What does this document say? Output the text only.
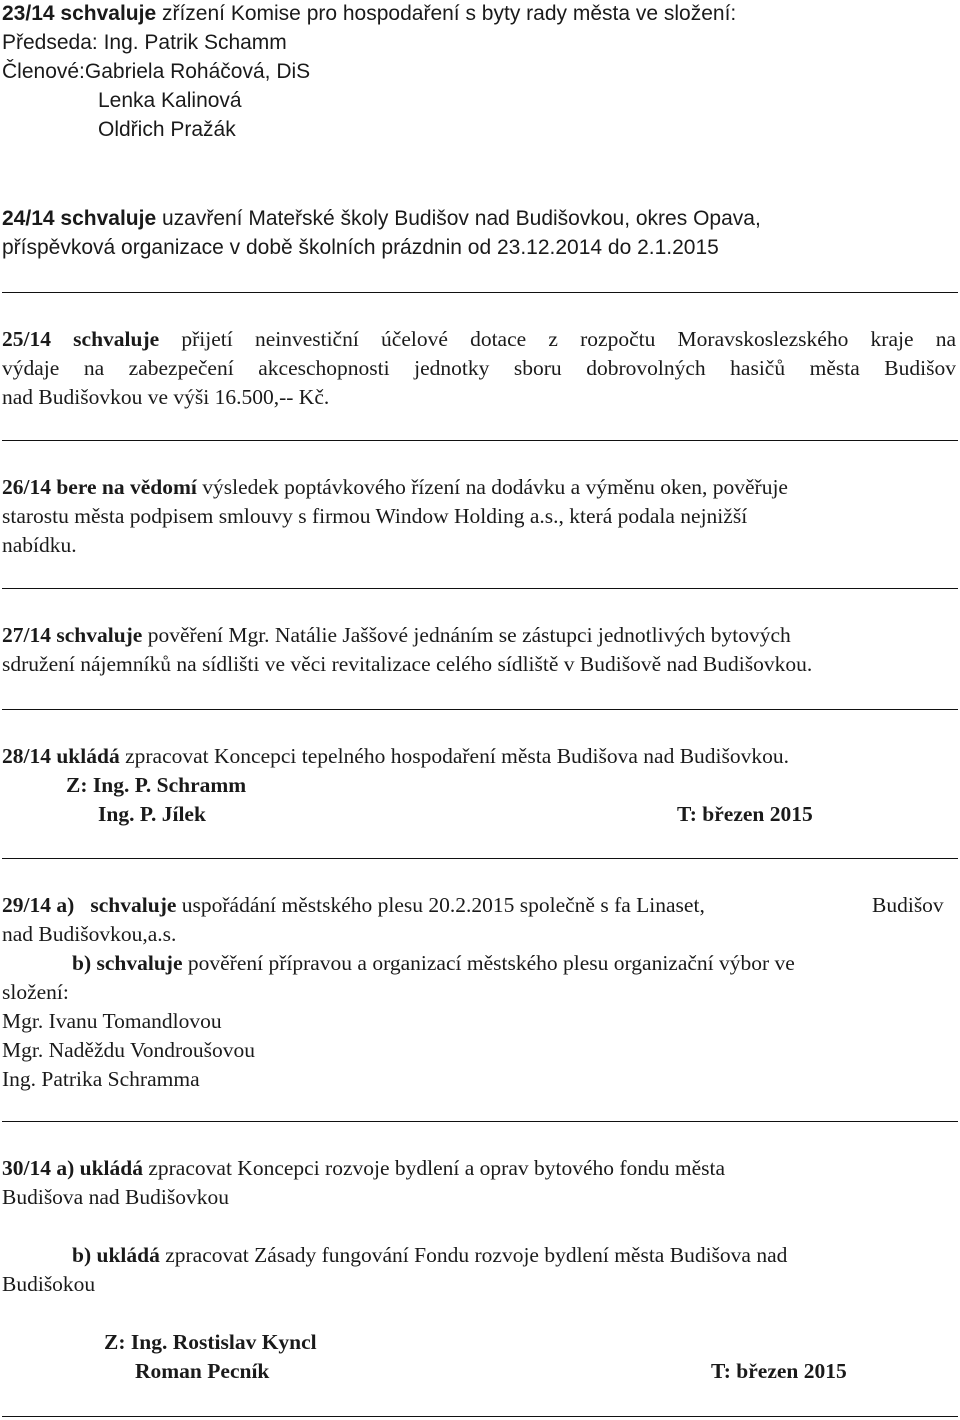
23/14 schvaluje zřízení Komise pro hospodaření s byty rady města ve složení:
Předseda: Ing. Patrik Schamm
Členové:Gabriela Roháčová, DiS
Lenka Kalinová
Oldřich Pražák
24/14 schvaluje uzavření Mateřské školy Budišov nad Budišovkou, okres Opava,
příspěvková organizace v době školních prázdnin od 23.12.2014 do 2.1.2015
25/14 schvaluje přijetí neinvestiční účelové dotace z rozpočtu Moravskoslezského kraje na
výdaje na zabezpečení akceschopnosti jednotky sboru dobrovolných hasičů města Budišov
nad Budišovkou ve výši 16.500,-- Kč.
26/14 bere na vědomí výsledek poptávkového řízení na dodávku a výměnu oken, pověřuje
starostu města podpisem smlouvy s firmou Window Holding a.s., která podala nejnižší
nabídku.
27/14 schvaluje pověření Mgr. Natálie Jaššové jednáním se zástupci jednotlivých bytových
sdružení nájemníků na sídlišti ve věci revitalizace celého sídliště v Budišově nad Budišovkou.
28/14 ukládá zpracovat Koncepci tepelného hospodaření města Budišova nad Budišovkou.
Z: Ing. P. Schramm
Ing. P. Jílek	T: březen 2015
29/14 a) schvaluje uspořádání městského plesu 20.2.2015 společně s fa Linaset,	Budišov
nad Budišovkou,a.s.
b) schvaluje pověření přípravou a organizací městského plesu organizační výbor ve
složení:
Mgr. Ivanu Tomandlovou
Mgr. Naděždu Vondroušovou
Ing. Patrika Schramma
30/14 a) ukládá zpracovat Koncepci rozvoje bydlení a oprav bytového fondu města
Budišova nad Budišovkou
b) ukládá zpracovat Zásady fungování Fondu rozvoje bydlení města Budišova nad
Budišokou
Z: Ing. Rostislav Kyncl
Roman Pecník	T: březen 2015
